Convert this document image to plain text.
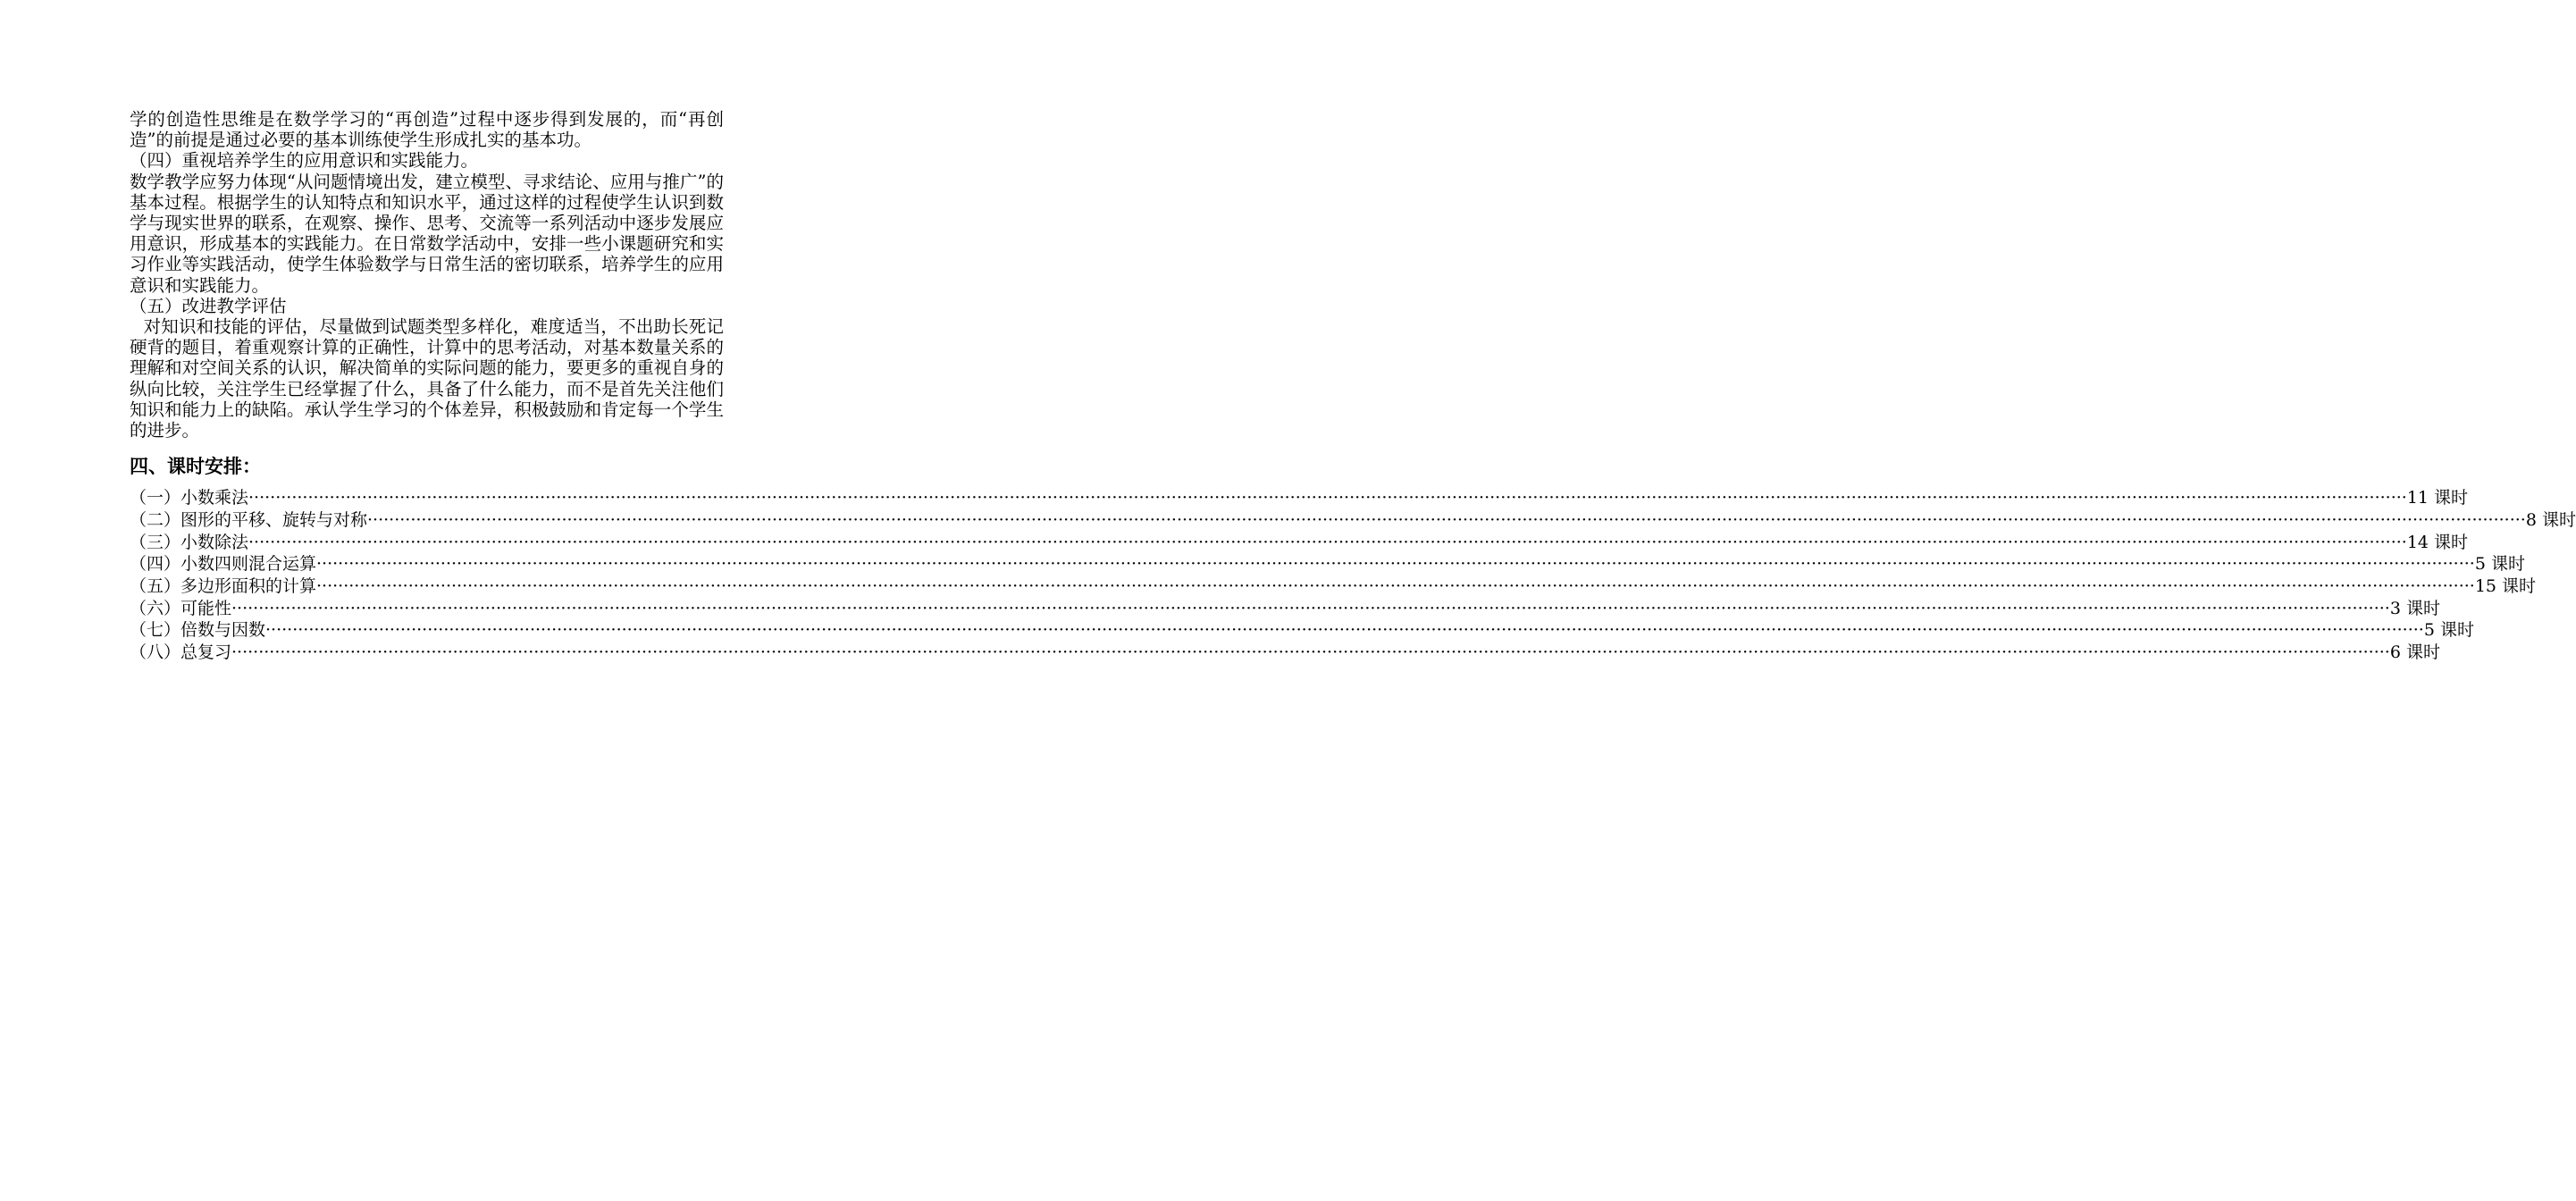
学的创造性思维是在数学学习的“再创造”过程中逐步得到发展的，而“再创造”的前提是通过必要的基本训练使学生形成扎实的基本功。

（四）重视培养学生的应用意识和实践能力。

数学教学应努力体现“从问题情境出发，建立模型、寻求结论、应用与推广”的基本过程。根据学生的认知特点和知识水平，通过这样的过程使学生认识到数学与现实世界的联系，在观察、操作、思考、交流等一系列活动中逐步发展应用意识，形成基本的实践能力。在日常数学活动中，安排一些小课题研究和实习作业等实践活动，使学生体验数学与日常生活的密切联系，培养学生的应用意识和实践能力。

（五）改进教学评估

对知识和技能的评估，尽量做到试题类型多样化，难度适当，不出助长死记硬背的题目，着重观察计算的正确性，计算中的思考活动，对基本数量关系的理解和对空间关系的认识，解决简单的实际问题的能力，要更多的重视自身的纵向比较，关注学生已经掌握了什么，具备了什么能力，而不是首先关注他们知识和能力上的缺陷。承认学生学习的个体差异，积极鼓励和肯定每一个学生的进步。

四、课时安排：
（一）小数乘法 ················································································································································································································································································································································································································ 11 课时
（二）图形的平移、旋转与对称 ················································································································································································································································································································································································································ 8 课时
（三）小数除法 ················································································································································································································································································································································································································ 14 课时
（四）小数四则混合运算 ················································································································································································································································································································································································································ 5 课时
（五）多边形面积的计算 ················································································································································································································································································································································································································ 15 课时
（六）可能性 ················································································································································································································································································································································································································ 3 课时
（七）倍数与因数 ················································································································································································································································································································································································································ 5 课时
（八）总复习 ················································································································································································································································································································································································································ 6 课时
